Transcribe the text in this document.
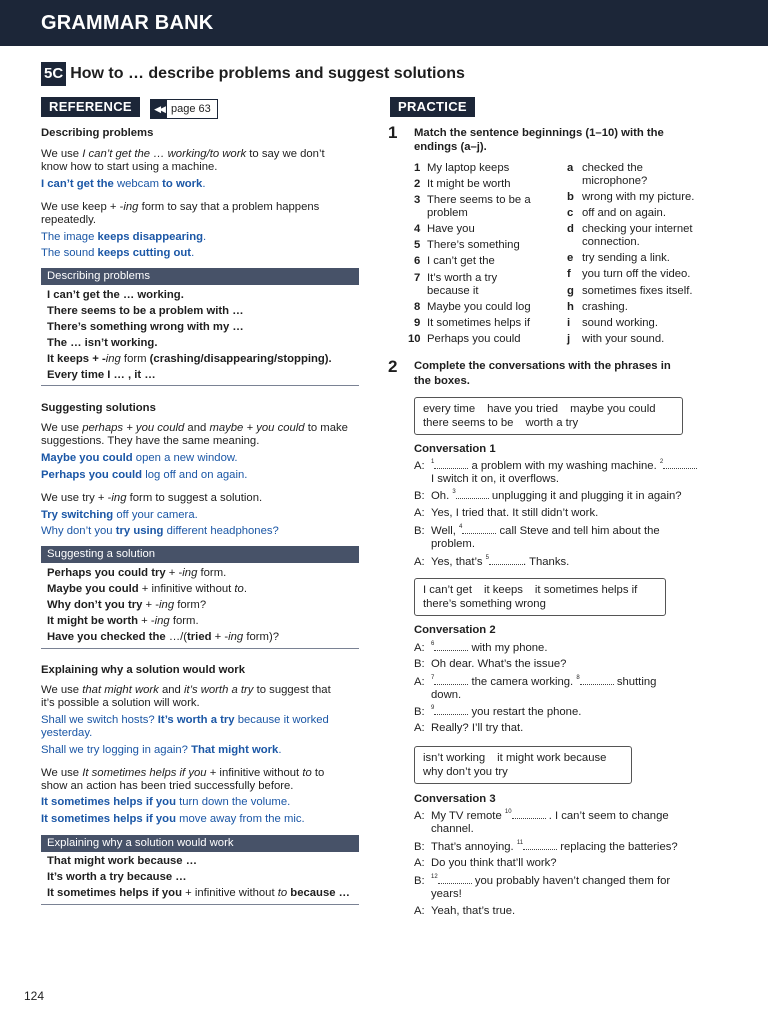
GRAMMAR BANK
5C How to … describe problems and suggest solutions
REFERENCE	◀◀ page 63	PRACTICE
Describing problems
We use I can’t get the … working/to work to say we don’t
know how to start using a machine.
I can’t get the webcam to work.
We use keep + -ing form to say that a problem happens
repeatedly.
The image keeps disappearing.
The sound keeps cutting out.
Describing problems
I can’t get the … working.
There seems to be a problem with …
There’s something wrong with my …
The … isn’t working.
It keeps + -ing form (crashing/disappearing/stopping).
Every time I … , it …
Suggesting solutions
We use perhaps + you could and maybe + you could to make
suggestions. They have the same meaning.
Maybe you could open a new window.
Perhaps you could log off and on again.
We use try + -ing form to suggest a solution.
Try switching off your camera.
Why don’t you try using different headphones?
Suggesting a solution
Perhaps you could try + -ing form.
Maybe you could + infinitive without to.
Why don’t you try + -ing form?
It might be worth + -ing form.
Have you checked the …/(tried + -ing form)?
Explaining why a solution would work
We use that might work and it’s worth a try to suggest that
it’s possible a solution will work.
Shall we switch hosts? It’s worth a try because it worked
yesterday.
Shall we try logging in again? That might work.
We use It sometimes helps if you + infinitive without to to
show an action has been tried successfully before.
It sometimes helps if you turn down the volume.
It sometimes helps if you move away from the mic.
Explaining why a solution would work
That might work because …
It’s worth a try because …
It sometimes helps if you + infinitive without to because …
1 Match the sentence beginnings (1–10) with the
endings (a–j).
1 My laptop keeps
2 It might be worth
3 There seems to be a
problem
4 Have you
5 There’s something
6 I can’t get the
7 It’s worth a try
because it
8 Maybe you could log
9 It sometimes helps if
10 Perhaps you could
a checked the
microphone?
b wrong with my picture.
c off and on again.
d checking your internet
connection.
e try sending a link.
f you turn off the video.
g sometimes fixes itself.
h crashing.
i sound working.
j with your sound.
2 Complete the conversations with the phrases in
the boxes.
every time have you tried maybe you could
there seems to be worth a try
Conversation 1
A: $^1$	a problem with my washing machine. $^2$
I switch it on, it overflows.
B: Oh. $^3$	unplugging it and plugging it in again?
A: Yes, I tried that. It still didn’t work.
B: Well, $^4$	call Steve and tell him about the
problem.
A: Yes, that’s $^5$	. Thanks.
I can’t get it keeps it sometimes helps if
there’s something wrong
Conversation 2
A: $^6$	with my phone.
B: Oh dear. What’s the issue?
A: $^7$	the camera working. $^8$	shutting
down.
B: $^9$	you restart the phone.
A: Really? I’ll try that.
isn’t working it might work because
why don’t you try
Conversation 3
A: My TV remote $^{10}$	. I can’t seem to change
channel.
B: That’s annoying. $^{11}$	replacing the batteries?
A: Do you think that’ll work?
B: $^{12}$	you probably haven’t changed them for
years!
A: Yeah, that’s true.
124
